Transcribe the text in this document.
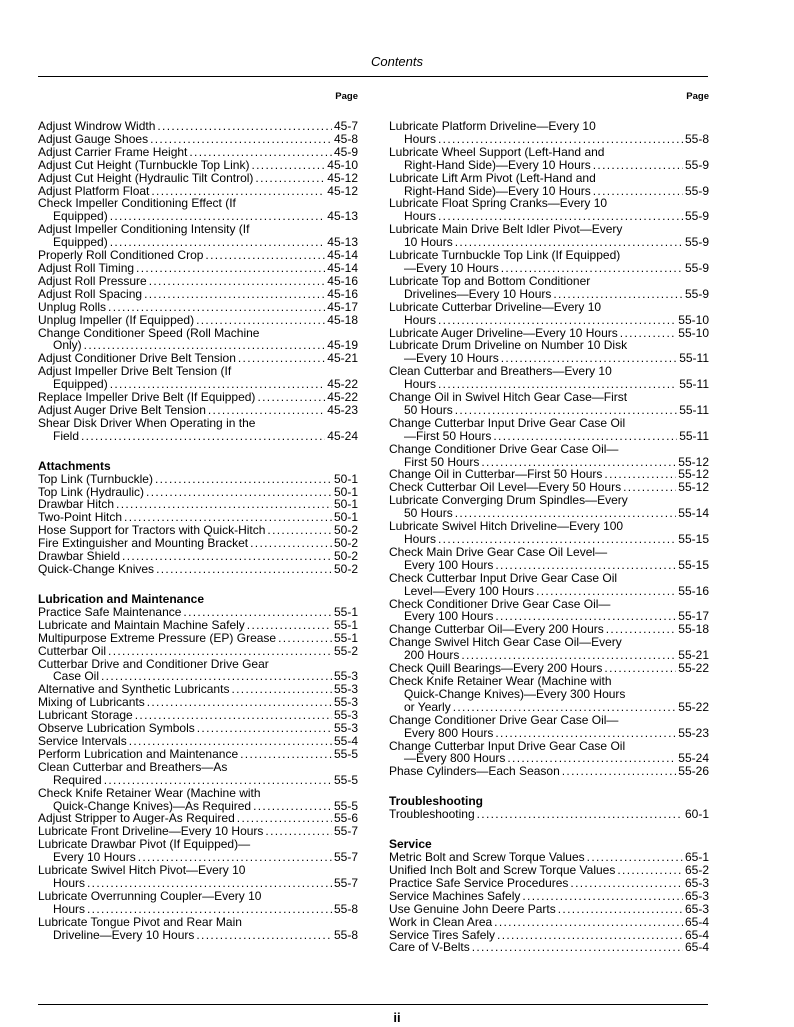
Contents
Page
Adjust Windrow Width . . .	45-7
Adjust Gauge Shoes . . .	45-8
Adjust Carrier Frame Height . . .	45-9
Adjust Cut Height (Turnbuckle Top Link) . . .	45-10
Adjust Cut Height (Hydraulic Tilt Control) . . .	45-12
Adjust Platform Float . . .	45-12
Check Impeller Conditioning Effect (If
Equipped) . . .	45-13
Adjust Impeller Conditioning Intensity (If
Equipped) . . .	45-13
Properly Roll Conditioned Crop . . .	45-14
Adjust Roll Timing . . .	45-14
Adjust Roll Pressure . . .	45-16
Adjust Roll Spacing . . .	45-16
Unplug Rolls . . .	45-17
Unplug Impeller (If Equipped) . . .	45-18
Change Conditioner Speed (Roll Machine
Only) . . .	45-19
Adjust Conditioner Drive Belt Tension . . .	45-21
Adjust Impeller Drive Belt Tension (If
Equipped) . . .	45-22
Replace Impeller Drive Belt (If Equipped) . . .	45-22
Adjust Auger Drive Belt Tension . . .	45-23
Shear Disk Driver When Operating in the
Field . . .	45-24
Attachments
Top Link (Turnbuckle) . . .	50-1
Top Link (Hydraulic) . . .	50-1
Drawbar Hitch . . .	50-1
Two-Point Hitch . . .	50-1
Hose Support for Tractors with Quick-Hitch . . .	50-2
Fire Extinguisher and Mounting Bracket . . .	50-2
Drawbar Shield . . .	50-2
Quick-Change Knives . . .	50-2
Lubrication and Maintenance
Practice Safe Maintenance . . .	55-1
Lubricate and Maintain Machine Safely . . .	55-1
Multipurpose Extreme Pressure (EP) Grease . . .	55-1
Cutterbar Oil . . .	55-2
Cutterbar Drive and Conditioner Drive Gear
Case Oil . . .	55-3
Alternative and Synthetic Lubricants . . .	55-3
Mixing of Lubricants . . .	55-3
Lubricant Storage . . .	55-3
Observe Lubrication Symbols . . .	55-3
Service Intervals . . .	55-4
Perform Lubrication and Maintenance . . .	55-5
Clean Cutterbar and Breathers—As
Required . . .	55-5
Check Knife Retainer Wear (Machine with
Quick-Change Knives)—As Required . . .	55-5
Adjust Stripper to Auger-As Required . . .	55-6
Lubricate Front Driveline—Every 10 Hours . . .	55-7
Lubricate Drawbar Pivot (If Equipped)—
Every 10 Hours . . .	55-7
Lubricate Swivel Hitch Pivot—Every 10
Hours . . .	55-7
Lubricate Overrunning Coupler—Every 10
Hours . . .	55-8
Lubricate Tongue Pivot and Rear Main
Driveline—Every 10 Hours . . .	55-8
Page
Lubricate Platform Driveline—Every 10
Hours . . .	55-8
Lubricate Wheel Support (Left-Hand and
Right-Hand Side)—Every 10 Hours . . .	55-9
Lubricate Lift Arm Pivot (Left-Hand and
Right-Hand Side)—Every 10 Hours . . .	55-9
Lubricate Float Spring Cranks—Every 10
Hours . . .	55-9
Lubricate Main Drive Belt Idler Pivot—Every
10 Hours . . .	55-9
Lubricate Turnbuckle Top Link (If Equipped)
—Every 10 Hours . . .	55-9
Lubricate Top and Bottom Conditioner
Drivelines—Every 10 Hours . . .	55-9
Lubricate Cutterbar Driveline—Every 10
Hours . . .	55-10
Lubricate Auger Driveline—Every 10 Hours . . .	55-10
Lubricate Drum Driveline on Number 10 Disk
—Every 10 Hours . . .	55-11
Clean Cutterbar and Breathers—Every 10
Hours . . .	55-11
Change Oil in Swivel Hitch Gear Case—First
50 Hours . . .	55-11
Change Cutterbar Input Drive Gear Case Oil
—First 50 Hours . . .	55-11
Change Conditioner Drive Gear Case Oil—
First 50 Hours . . .	55-12
Change Oil in Cutterbar—First 50 Hours . . .	55-12
Check Cutterbar Oil Level—Every 50 Hours . . .	55-12
Lubricate Converging Drum Spindles—Every
50 Hours . . .	55-14
Lubricate Swivel Hitch Driveline—Every 100
Hours . . .	55-15
Check Main Drive Gear Case Oil Level—
Every 100 Hours . . .	55-15
Check Cutterbar Input Drive Gear Case Oil
Level—Every 100 Hours . . .	55-16
Check Conditioner Drive Gear Case Oil—
Every 100 Hours . . .	55-17
Change Cutterbar Oil—Every 200 Hours . . .	55-18
Change Swivel Hitch Gear Case Oil—Every
200 Hours . . .	55-21
Check Quill Bearings—Every 200 Hours . . .	55-22
Check Knife Retainer Wear (Machine with
Quick-Change Knives)—Every 300 Hours
or Yearly . . .	55-22
Change Conditioner Drive Gear Case Oil—
Every 800 Hours . . .	55-23
Change Cutterbar Input Drive Gear Case Oil
—Every 800 Hours . . .	55-24
Phase Cylinders—Each Season . . .	55-26
Troubleshooting
Troubleshooting . . .	60-1
Service
Metric Bolt and Screw Torque Values . . .	65-1
Unified Inch Bolt and Screw Torque Values . . .	65-2
Practice Safe Service Procedures . . .	65-3
Service Machines Safely . . .	65-3
Use Genuine John Deere Parts . . .	65-3
Work in Clean Area . . .	65-4
Service Tires Safely . . .	65-4
Care of V-Belts . . .	65-4
ii
